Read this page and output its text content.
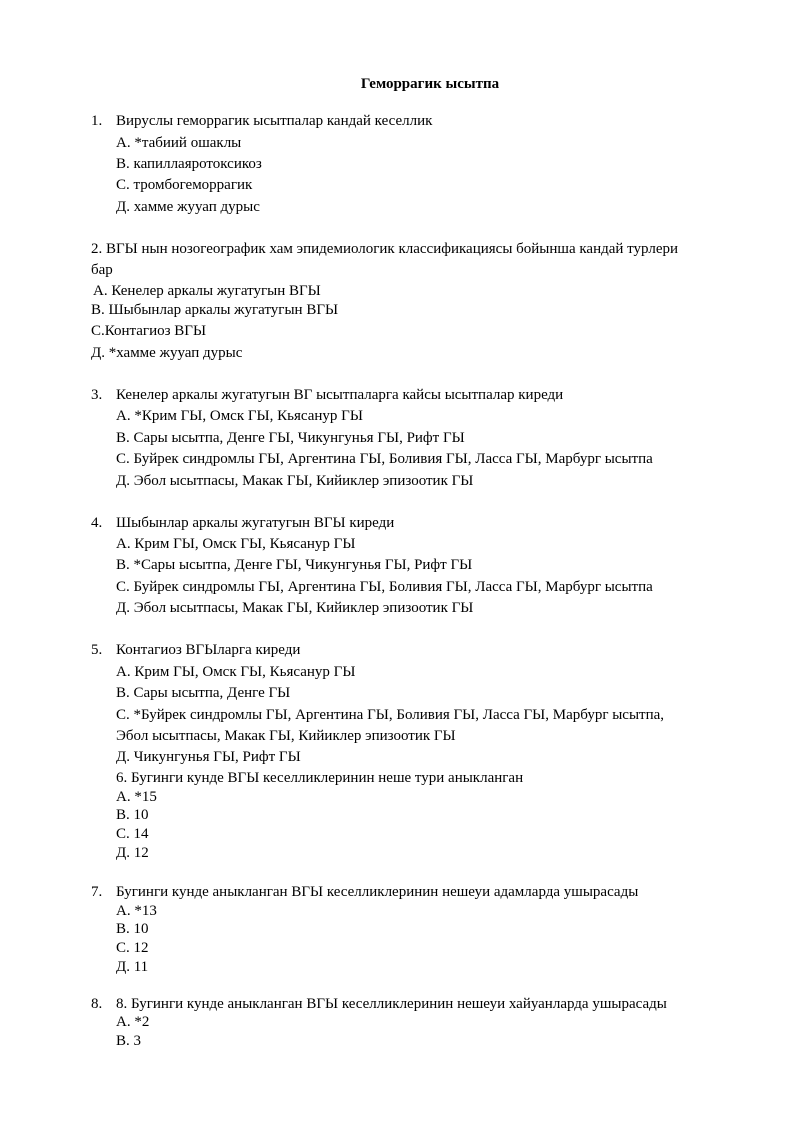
Геморрагик ысытпа
1. Вируслы геморрагик ысытпалар кандай кеселлик
А. *табиий ошаклы
В. капиллаяротоксикоз
С. тромбогеморрагик
Д. хамме жууап дурыс
2. ВГЫ нын нозогеографик хам эпидемиологик классификациясы бойынша кандай турлери
бар
А. Кенелер аркалы жугатугын ВГЫ
В. Шыбынлар аркалы жугатугын ВГЫ
С.Контагиоз ВГЫ
Д. *хамме жууап дурыс
3. Кенелер аркалы жугатугын ВГ ысытпаларга кайсы ысытпалар киреди
А. *Крим ГЫ, Омск ГЫ, Кьясанур ГЫ
В. Сары ысытпа, Денге ГЫ, Чикунгунья ГЫ, Рифт ГЫ
С. Буйрек синдромлы ГЫ, Аргентина ГЫ, Боливия ГЫ, Ласса ГЫ, Марбург ысытпа
Д. Эбол ысытпасы, Макак ГЫ, Кийиклер эпизоотик ГЫ
4. Шыбынлар аркалы жугатугын ВГЫ киреди
А. Крим ГЫ, Омск ГЫ, Кьясанур ГЫ
В. *Сары ысытпа, Денге ГЫ, Чикунгунья ГЫ, Рифт ГЫ
С. Буйрек синдромлы ГЫ, Аргентина ГЫ, Боливия ГЫ, Ласса ГЫ, Марбург ысытпа
Д. Эбол ысытпасы, Макак ГЫ, Кийиклер эпизоотик ГЫ
5. Контагиоз ВГЫларга киреди
А. Крим ГЫ, Омск ГЫ, Кьясанур ГЫ
В. Сары ысытпа, Денге ГЫ
С. *Буйрек синдромлы ГЫ, Аргентина ГЫ, Боливия ГЫ, Ласса ГЫ, Марбург ысытпа,
Эбол ысытпасы, Макак ГЫ, Кийиклер эпизоотик ГЫ
Д. Чикунгунья ГЫ, Рифт ГЫ
6. Бугинги кунде ВГЫ кеселликлеринин неше тури аныкланган
А. *15
В. 10
С. 14
Д. 12
7. Бугинги кунде аныкланган ВГЫ кеселликлеринин нешеуи адамларда ушырасады
А. *13
В. 10
С. 12
Д. 11
8. 8. Бугинги кунде аныкланган ВГЫ кеселликлеринин нешеуи хайуанларда ушырасады
А. *2
В. 3
